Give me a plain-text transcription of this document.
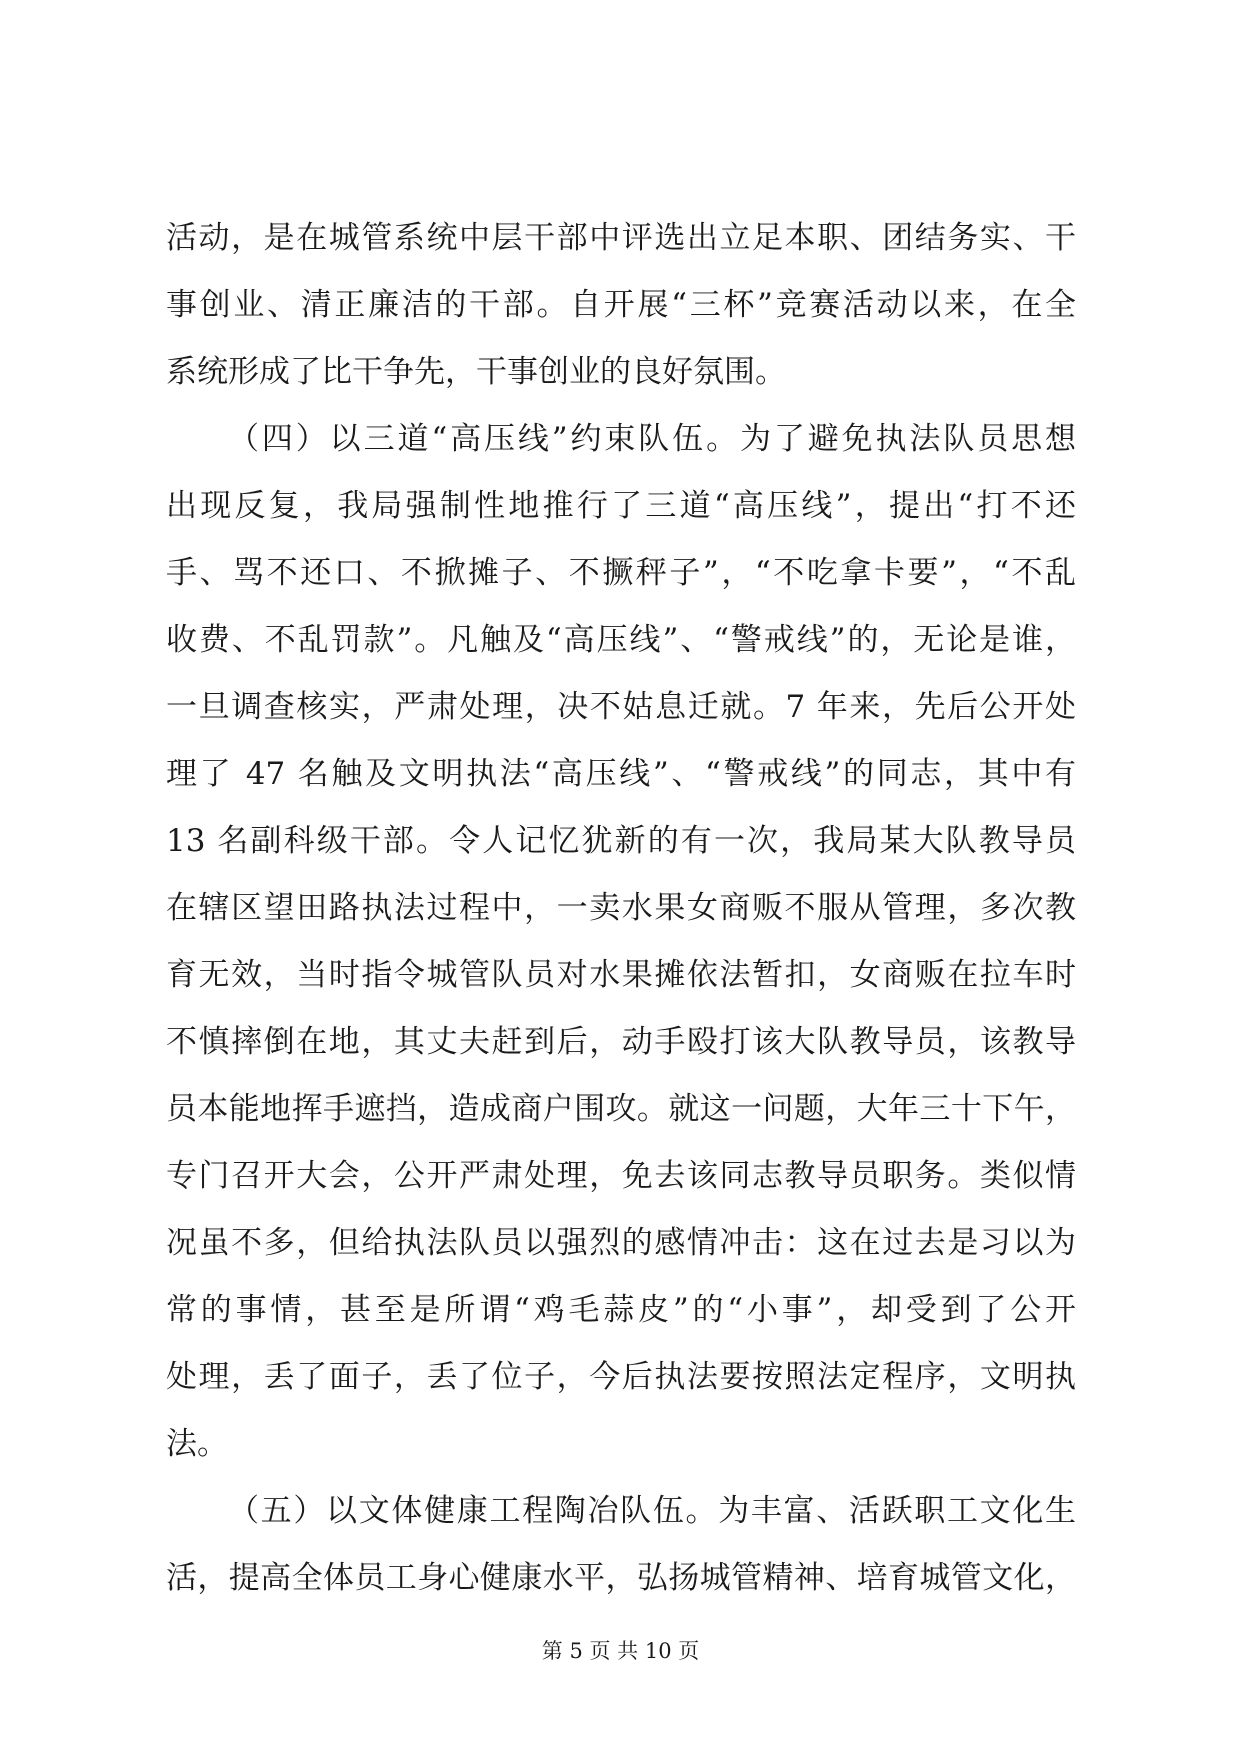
活动，是在城管系统中层干部中评选出立足本职、团结务实、干
事创业、清正廉洁的干部。自开展“三杯”竞赛活动以来，在全
系统形成了比干争先，干事创业的良好氛围。
（四）以三道“高压线”约束队伍。为了避免执法队员思想
出现反复，我局强制性地推行了三道“高压线”，提出“打不还
手、骂不还口、不掀摊子、不撅秤子”，“不吃拿卡要”，“不乱
收费、不乱罚款”。凡触及“高压线”、“警戒线”的，无论是谁，
一旦调查核实，严肃处理，决不姑息迁就。7 年来，先后公开处
理了 47 名触及文明执法“高压线”、“警戒线”的同志，其中有
13 名副科级干部。令人记忆犹新的有一次，我局某大队教导员
在辖区望田路执法过程中，一卖水果女商贩不服从管理，多次教
育无效，当时指令城管队员对水果摊依法暂扣，女商贩在拉车时
不慎摔倒在地，其丈夫赶到后，动手殴打该大队教导员，该教导
员本能地挥手遮挡，造成商户围攻。就这一问题，大年三十下午，
专门召开大会，公开严肃处理，免去该同志教导员职务。类似情
况虽不多，但给执法队员以强烈的感情冲击：这在过去是习以为
常的事情，甚至是所谓“鸡毛蒜皮”的“小事”，却受到了公开
处理，丢了面子，丢了位子，今后执法要按照法定程序，文明执
法。
（五）以文体健康工程陶冶队伍。为丰富、活跃职工文化生
活，提高全体员工身心健康水平，弘扬城管精神、培育城管文化，
第 5 页 共 10 页
